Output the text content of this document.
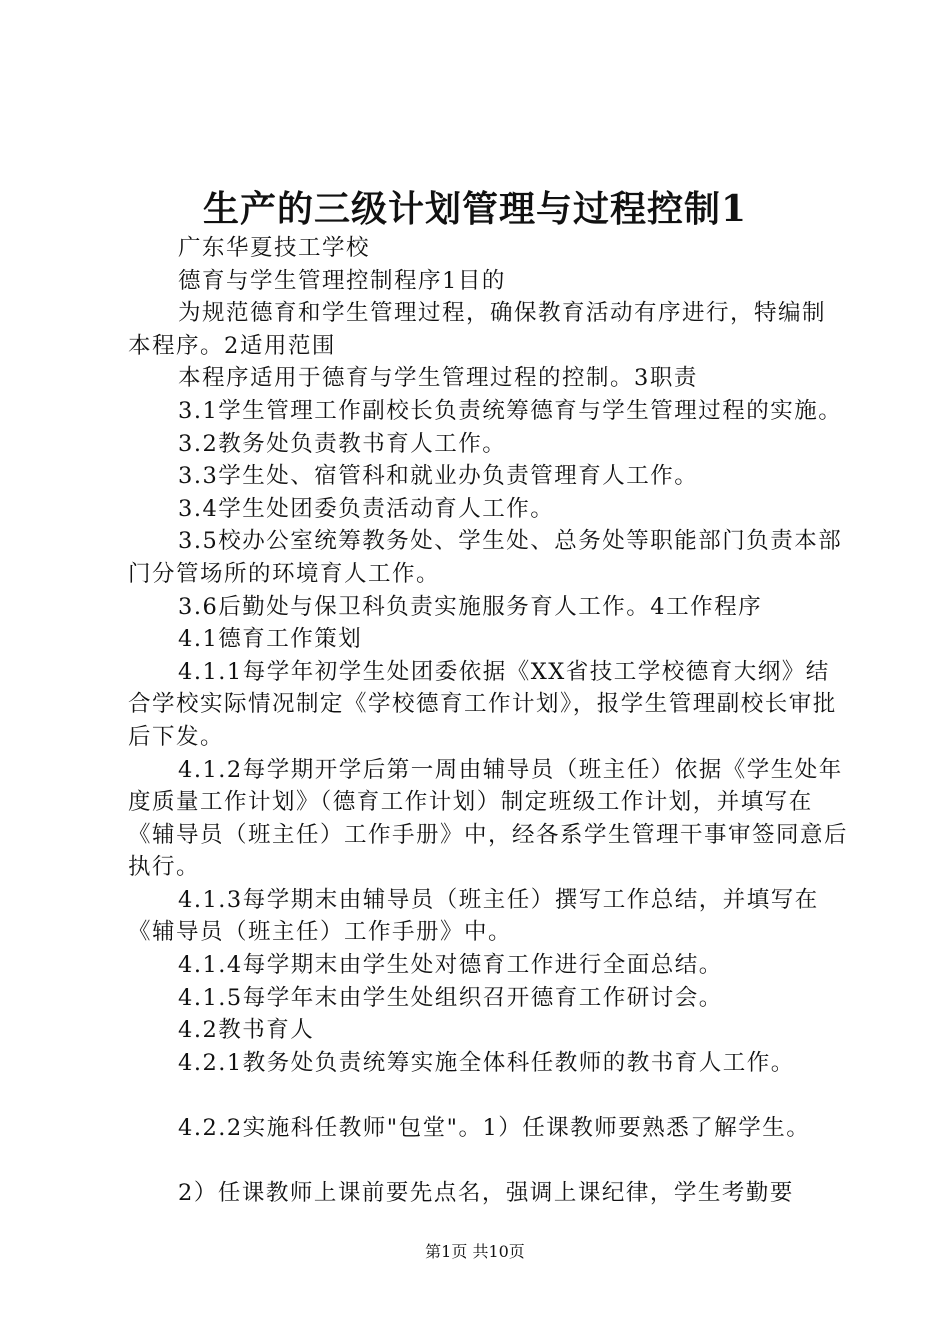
生产的三级计划管理与过程控制1

广东华夏技工学校

德育与学生管理控制程序1目的

为规范德育和学生管理过程，确保教育活动有序进行，特编制本程序。2适用范围

本程序适用于德育与学生管理过程的控制。3职责

3.1学生管理工作副校长负责统筹德育与学生管理过程的实施。

3.2教务处负责教书育人工作。

3.3学生处、宿管科和就业办负责管理育人工作。

3.4学生处团委负责活动育人工作。

3.5校办公室统筹教务处、学生处、总务处等职能部门负责本部门分管场所的环境育人工作。

3.6后勤处与保卫科负责实施服务育人工作。4工作程序

4.1德育工作策划

4.1.1每学年初学生处团委依据《XX省技工学校德育大纲》结合学校实际情况制定《学校德育工作计划》，报学生管理副校长审批后下发。

4.1.2每学期开学后第一周由辅导员（班主任）依据《学生处年度质量工作计划》（德育工作计划）制定班级工作计划，并填写在《辅导员（班主任）工作手册》中，经各系学生管理干事审签同意后执行。

4.1.3每学期末由辅导员（班主任）撰写工作总结，并填写在《辅导员（班主任）工作手册》中。

4.1.4每学期末由学生处对德育工作进行全面总结。

4.1.5每学年末由学生处组织召开德育工作研讨会。

4.2教书育人

4.2.1教务处负责统筹实施全体科任教师的教书育人工作。

4.2.2实施科任教师"包堂"。1）任课教师要熟悉了解学生。

2）任课教师上课前要先点名，强调上课纪律，学生考勤要

第1页 共10页
